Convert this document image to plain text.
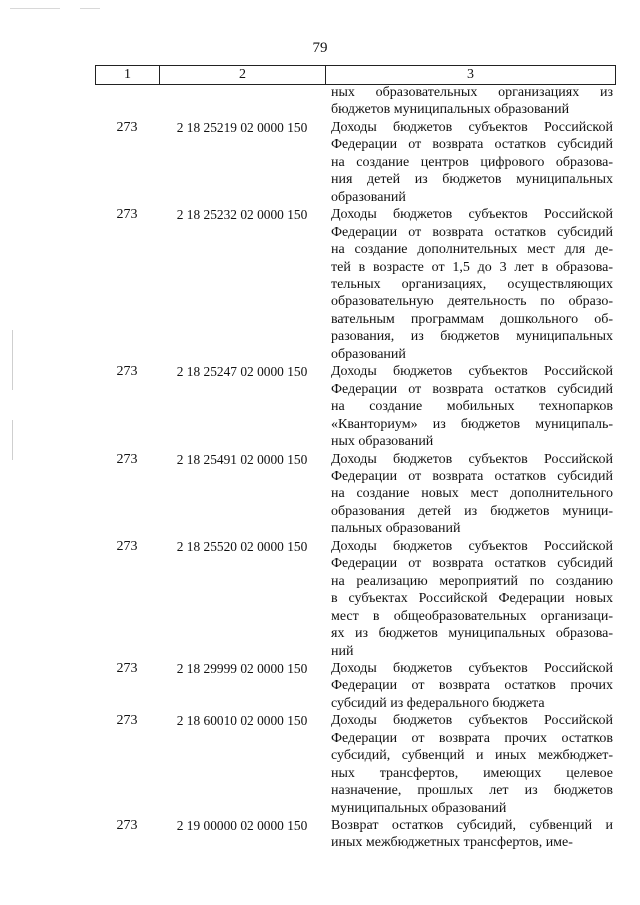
79
1	2	3
ных образовательных организациях из
бюджетов муниципальных образований
273	2 18 25219 02 0000 150	Доходы бюджетов субъектов Российской
Федерации от возврата остатков субсидий
на создание центров цифрового образова-
ния детей из бюджетов муниципальных
образований
273	2 18 25232 02 0000 150	Доходы бюджетов субъектов Российской
Федерации от возврата остатков субсидий
на создание дополнительных мест для де-
тей в возрасте от 1,5 до 3 лет в образова-
тельных организациях, осуществляющих
образовательную деятельность по образо-
вательным программам дошкольного об-
разования, из бюджетов муниципальных
образований
273	2 18 25247 02 0000 150	Доходы бюджетов субъектов Российской
Федерации от возврата остатков субсидий
на создание мобильных технопарков
«Кванториум» из бюджетов муниципаль-
ных образований
273	2 18 25491 02 0000 150	Доходы бюджетов субъектов Российской
Федерации от возврата остатков субсидий
на создание новых мест дополнительного
образования детей из бюджетов муници-
пальных образований
273	2 18 25520 02 0000 150	Доходы бюджетов субъектов Российской
Федерации от возврата остатков субсидий
на реализацию мероприятий по созданию
в субъектах Российской Федерации новых
мест в общеобразовательных организаци-
ях из бюджетов муниципальных образова-
ний
273	2 18 29999 02 0000 150	Доходы бюджетов субъектов Российской
Федерации от возврата остатков прочих
субсидий из федерального бюджета
273	2 18 60010 02 0000 150	Доходы бюджетов субъектов Российской
Федерации от возврата прочих остатков
субсидий, субвенций и иных межбюджет-
ных трансфертов, имеющих целевое
назначение, прошлых лет из бюджетов
муниципальных образований
273	2 19 00000 02 0000 150	Возврат остатков субсидий, субвенций и
иных межбюджетных трансфертов, име-
